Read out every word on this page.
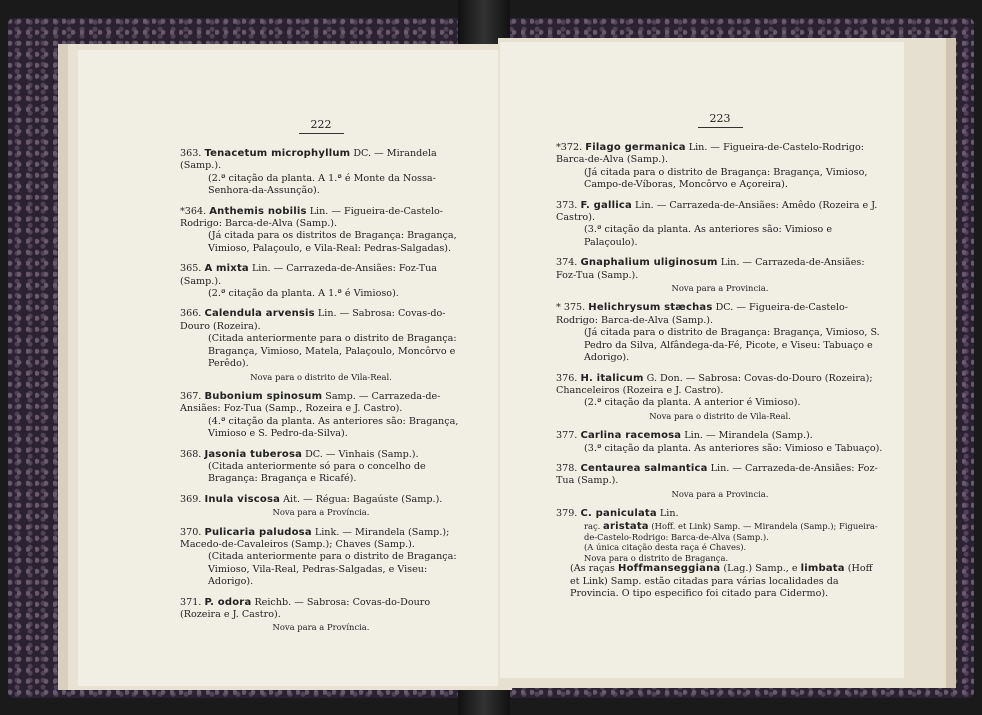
222
363. Tenacetum microphyllum DC. — Mirandela (Samp.).
(2.ª citação da planta. A 1.ª é Monte da Nossa-Senhora-da-Assunção).
*364. Anthemis nobilis Lin. — Figueira-de-Castelo-Rodrigo: Barca-de-Alva (Samp.).
(Já citada para os distritos de Bragança: Bragança, Vimioso, Palaçoulo, e Vila-Real: Pedras-Salgadas).
365. A mixta Lin. — Carrazeda-de-Ansiães: Foz-Tua (Samp.).
(2.ª citação da planta. A 1.ª é Vimioso).
366. Calendula arvensis Lin. — Sabrosa: Covas-do-Douro (Rozeira).
(Citada anteriormente para o distrito de Bragança: Bragança, Vimioso, Matela, Palaçoulo, Moncôrvo e Perêdo).
Nova para o distrito de Vila-Real.
367. Bubonium spinosum Samp. — Carrazeda-de-Ansiães: Foz-Tua (Samp., Rozeira e J. Castro).
(4.ª citação da planta. As anteriores são: Bragança, Vimioso e S. Pedro-da-Silva).
368. Jasonia tuberosa DC. — Vinhais (Samp.).
(Citada anteriormente só para o concelho de Bragança: Bragança e Ricafé).
369. Inula viscosa Ait. — Régua: Bagaúste (Samp.).
Nova para a Província.
370. Pulicaria paludosa Link. — Mirandela (Samp.); Macedo-de-Cavaleiros (Samp.); Chaves (Samp.).
(Citada anteriormente para o distrito de Bragança: Vimioso, Vila-Real, Pedras-Salgadas, e Viseu: Adorigo).
371. P. odora Reichb. — Sabrosa: Covas-do-Douro (Rozeira e J. Castro).
Nova para a Província.
223
*372. Filago germanica Lin. — Figueira-de-Castelo-Rodrigo: Barca-de-Alva (Samp.).
(Já citada para o distrito de Bragança: Bragança, Vimioso, Campo-de-Víboras, Moncôrvo e Açoreira).
373. F. gallica Lin. — Carrazeda-de-Ansiães: Amêdo (Rozeira e J. Castro).
(3.ª citação da planta. As anteriores são: Vimioso e Palaçoulo).
374. Gnaphalium uliginosum Lin. — Carrazeda-de-Ansiães: Foz-Tua (Samp.).
Nova para a Provincia.
* 375. Helichrysum stæchas DC. — Figueira-de-Castelo-Rodrigo: Barca-de-Alva (Samp.).
(Já citada para o distrito de Bragança: Bragança, Vimioso, S. Pedro da Silva, Alfândega-da-Fé, Picote, e Viseu: Tabuaço e Adorigo).
376. H. italicum G. Don. — Sabrosa: Covas-do-Douro (Rozeira); Chanceleiros (Rozeira e J. Castro).
(2.ª citação da planta. A anterior é Vimioso).
Nova para o distrito de Vila-Real.
377. Carlina racemosa Lin. — Mirandela (Samp.).
(3.ª citação da planta. As anteriores são: Vimioso e Tabuaço).
378. Centaurea salmantica Lin. — Carrazeda-de-Ansiães: Foz-Tua (Samp.).
Nova para a Provincia.
379. C. paniculata Lin.
raç. aristata (Hoff. et Link) Samp. — Mirandela (Samp.); Figueira-de-Castelo-Rodrigo: Barca-de-Alva (Samp.).
(A única citação desta raça é Chaves).
Nova para o distrito de Bragança.
(As raças Hoffmanseggiana (Lag.) Samp., e limbata (Hoff et Link) Samp. estão citadas para várias localidades da Provincia. O tipo especifico foi citado para Cidermo).
